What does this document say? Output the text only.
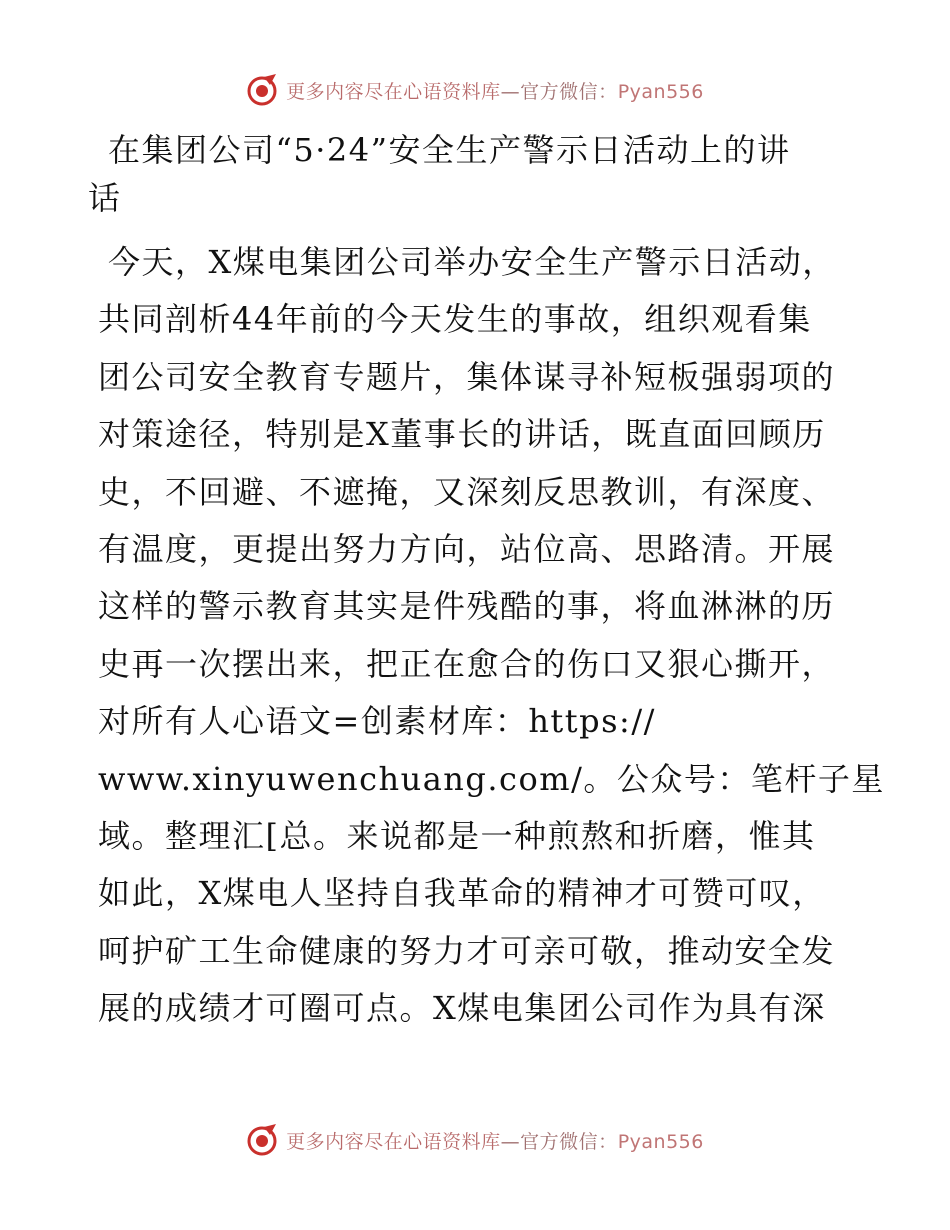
更多内容尽在心语资料库—官方微信：Pyan556
在集团公司“5·24”安全生产警示日活动上的讲
话
今天，X煤电集团公司举办安全生产警示日活动，
共同剖析44年前的今天发生的事故，组织观看集
团公司安全教育专题片，集体谋寻补短板强弱项的
对策途径，特别是X董事长的讲话，既直面回顾历
史，不回避、不遮掩，又深刻反思教训，有深度、
有温度，更提出努力方向，站位高、思路清。开展
这样的警示教育其实是件残酷的事，将血淋淋的历
史再一次摆出来，把正在愈合的伤口又狠心撕开，
对所有人心语文=创素材库：https://
www.xinyuwenchuang.com/。公众号：笔杆子星
域。整理汇[总。来说都是一种煎熬和折磨，惟其
如此，X煤电人坚持自我革命的精神才可赞可叹，
呵护矿工生命健康的努力才可亲可敬，推动安全发
展的成绩才可圈可点。X煤电集团公司作为具有深
更多内容尽在心语资料库—官方微信：Pyan556
